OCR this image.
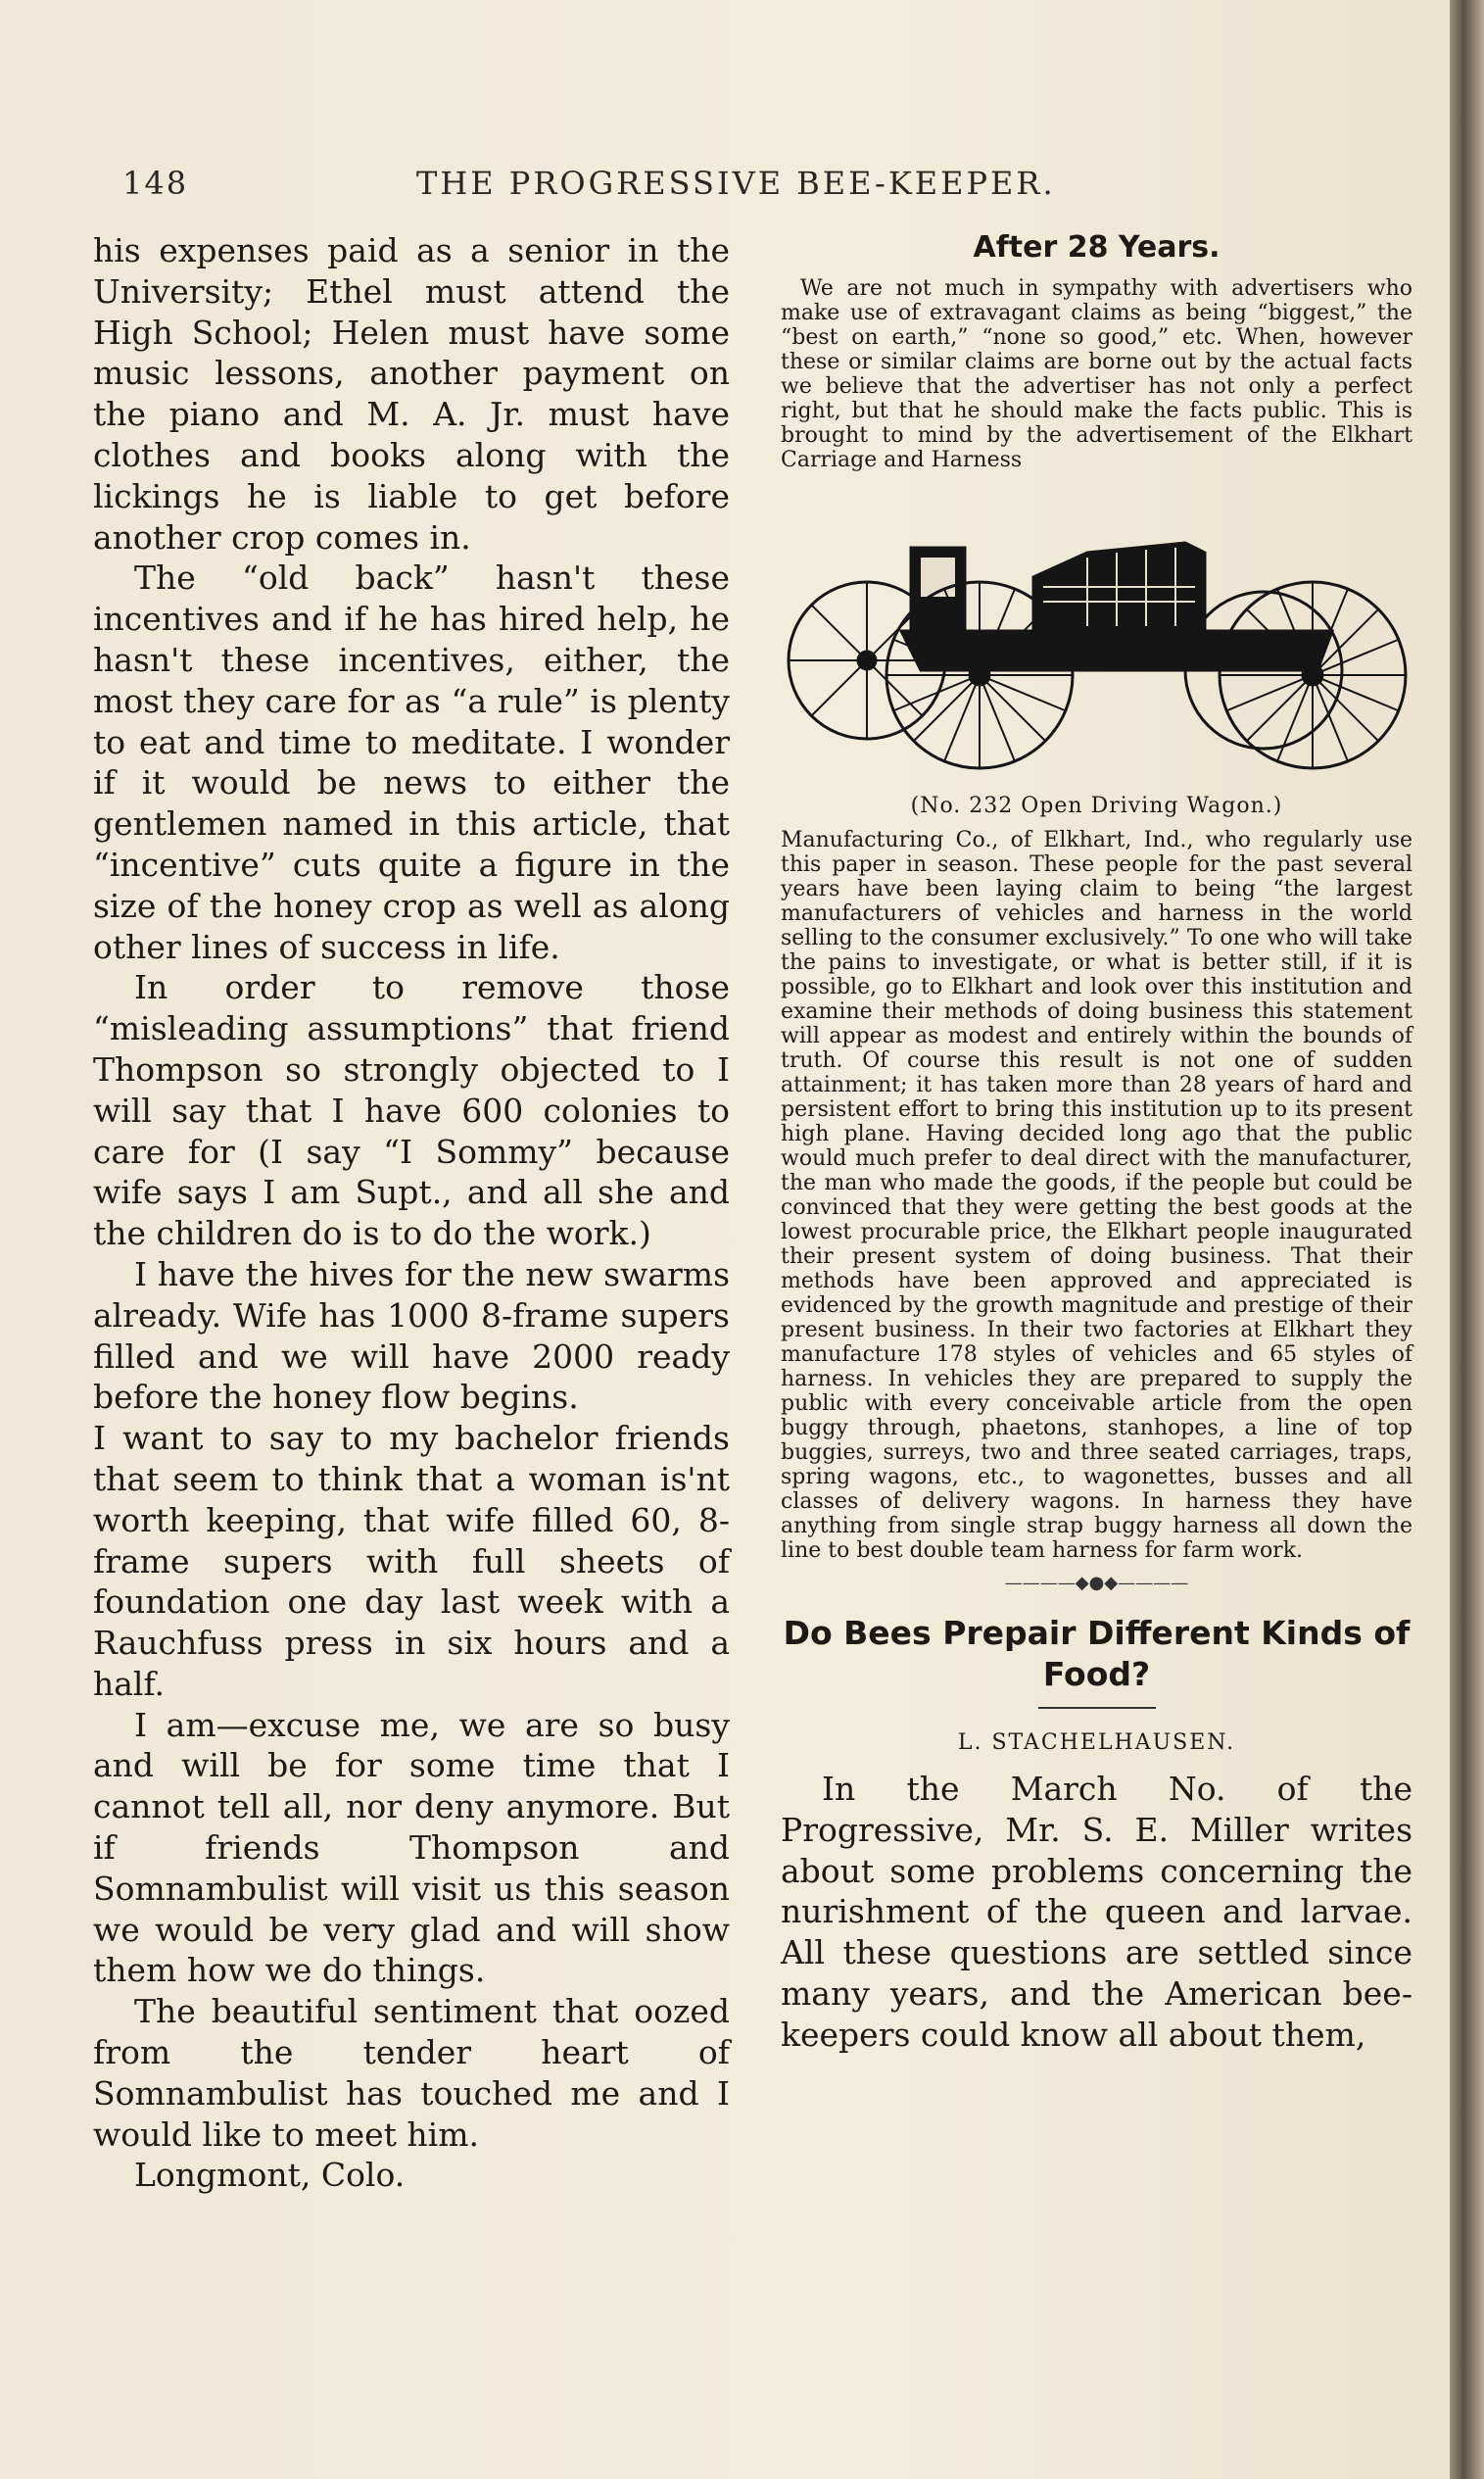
148	THE PROGRESSIVE BEE-KEEPER.

his expenses paid as a senior in the University; Ethel must attend the High School; Helen must have some music lessons, another payment on the piano and M. A. Jr. must have clothes and books along with the lickings he is liable to get before another crop comes in.

The “old back” hasn't these incentives and if he has hired help, he hasn't these incentives, either, the most they care for as “a rule” is plenty to eat and time to meditate. I wonder if it would be news to either the gentlemen named in this article, that “incentive” cuts quite a figure in the size of the honey crop as well as along other lines of success in life.

In order to remove those “misleading assumptions” that friend Thompson so strongly objected to I will say that I have 600 colonies to care for (I say “I Sommy” because wife says I am Supt., and all she and the children do is to do the work.)

I have the hives for the new swarms already. Wife has 1000 8-frame supers filled and we will have 2000 ready before the honey flow begins.

I want to say to my bachelor friends that seem to think that a woman is'nt worth keeping, that wife filled 60, 8-frame supers with full sheets of foundation one day last week with a Rauchfuss press in six hours and a half.

I am—excuse me, we are so busy and will be for some time that I cannot tell all, nor deny anymore. But if friends Thompson and Somnambulist will visit us this season we would be very glad and will show them how we do things.

The beautiful sentiment that oozed from the tender heart of Somnambulist has touched me and I would like to meet him.

Longmont, Colo.

After 28 Years.

We are not much in sympathy with advertisers who make use of extravagant claims as being “biggest,” the “best on earth,” “none so good,” etc. When, however these or similar claims are borne out by the actual facts we believe that the advertiser has not only a perfect right, but that he should make the facts public. This is brought to mind by the advertisement of the Elkhart Carriage and Harness

(No. 232 Open Driving Wagon.)

Manufacturing Co., of Elkhart, Ind., who regularly use this paper in season. These people for the past several years have been laying claim to being “the largest manufacturers of vehicles and harness in the world selling to the consumer exclusively.” To one who will take the pains to investigate, or what is better still, if it is possible, go to Elkhart and look over this institution and examine their methods of doing business this statement will appear as modest and entirely within the bounds of truth. Of course this result is not one of sudden attainment; it has taken more than 28 years of hard and persistent effort to bring this institution up to its present high plane. Having decided long ago that the public would much prefer to deal direct with the manufacturer, the man who made the goods, if the people but could be convinced that they were getting the best goods at the lowest procurable price, the Elkhart people inaugurated their present system of doing business. That their methods have been approved and appreciated is evidenced by the growth magnitude and prestige of their present business. In their two factories at Elkhart they manufacture 178 styles of vehicles and 65 styles of harness. In vehicles they are prepared to supply the public with every conceivable article from the open buggy through, phaetons, stanhopes, a line of top buggies, surreys, two and three seated carriages, traps, spring wagons, etc., to wagonettes, busses and all classes of delivery wagons. In harness they have anything from single strap buggy harness all down the line to best double team harness for farm work.

————◆●◆————
Do Bees Prepair Different Kinds of Food?

L. STACHELHAUSEN.

In the March No. of the Progressive, Mr. S. E. Miller writes about some problems concerning the nurishment of the queen and larvae. All these questions are settled since many years, and the American bee-keepers could know all about them,
